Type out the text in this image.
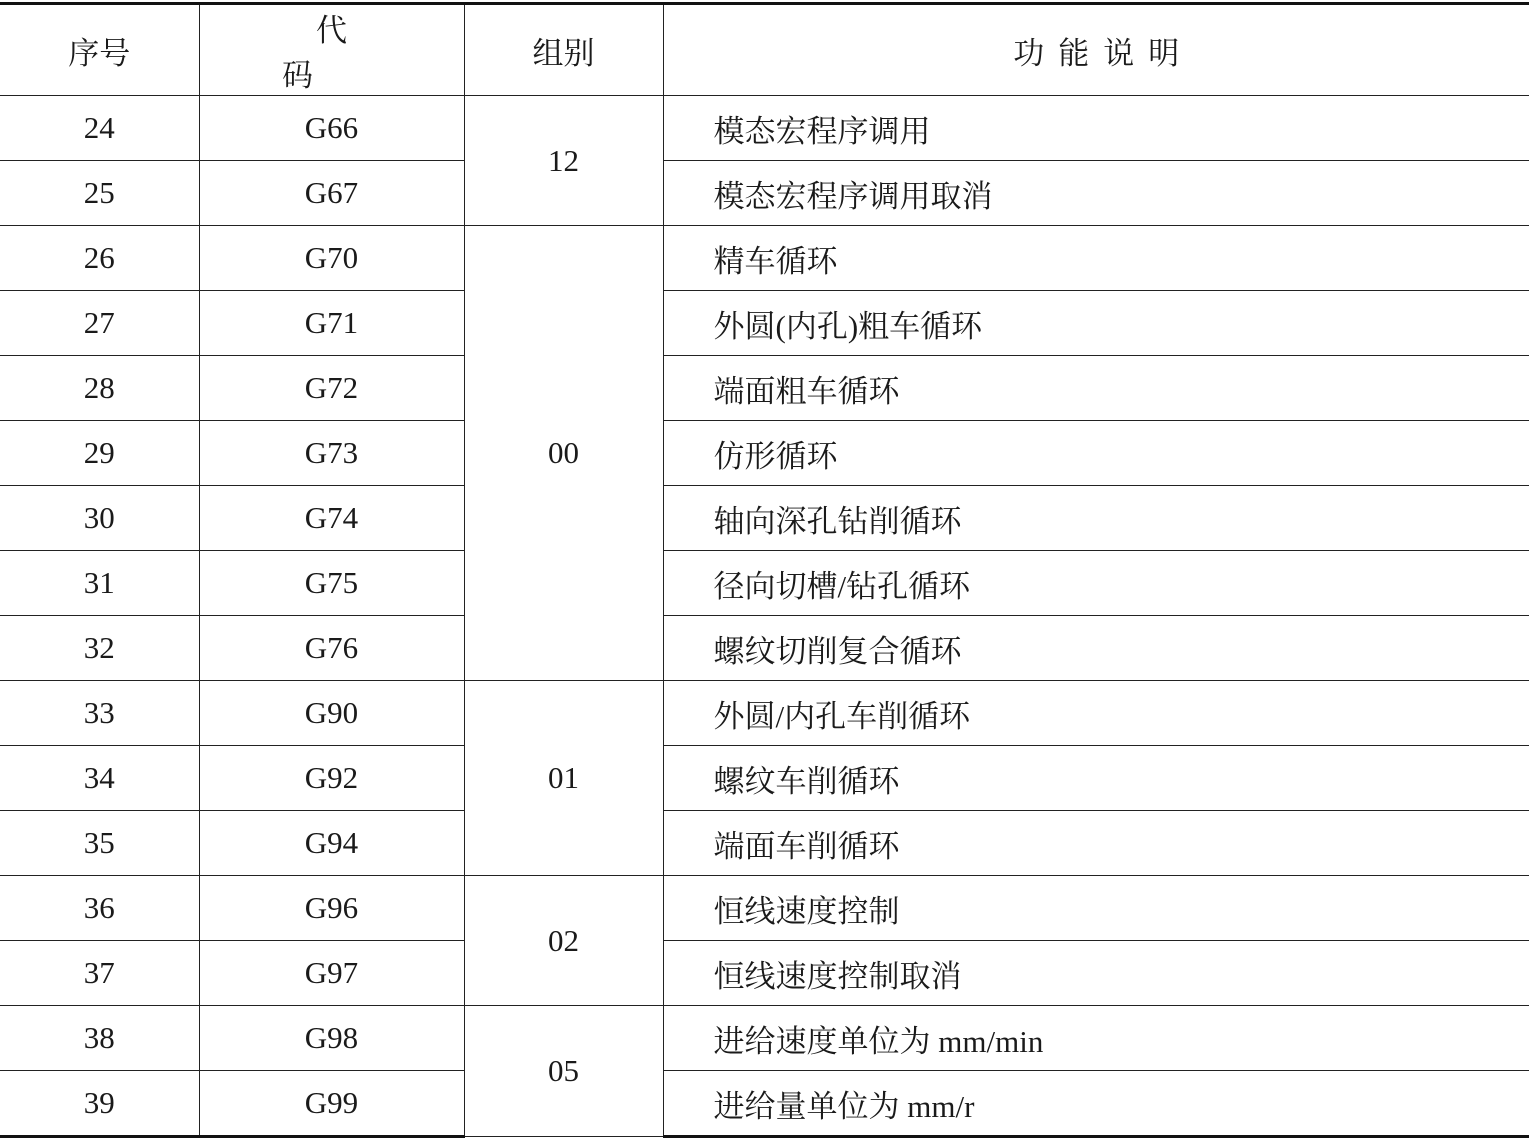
序号	代码	组别	功能说明
24	G66	12	模态宏程序调用
25	G67		模态宏程序调用取消
26	G70	00	精车循环
27	G71		外圆(内孔)粗车循环
28	G72		端面粗车循环
29	G73		仿形循环
30	G74		轴向深孔钻削循环
31	G75		径向切槽/钻孔循环
32	G76		螺纹切削复合循环
33	G90	01	外圆/内孔车削循环
34	G92		螺纹车削循环
35	G94		端面车削循环
36	G96	02	恒线速度控制
37	G97		恒线速度控制取消
38	G98	05	进给速度单位为 mm/min
39	G99		进给量单位为 mm/r
